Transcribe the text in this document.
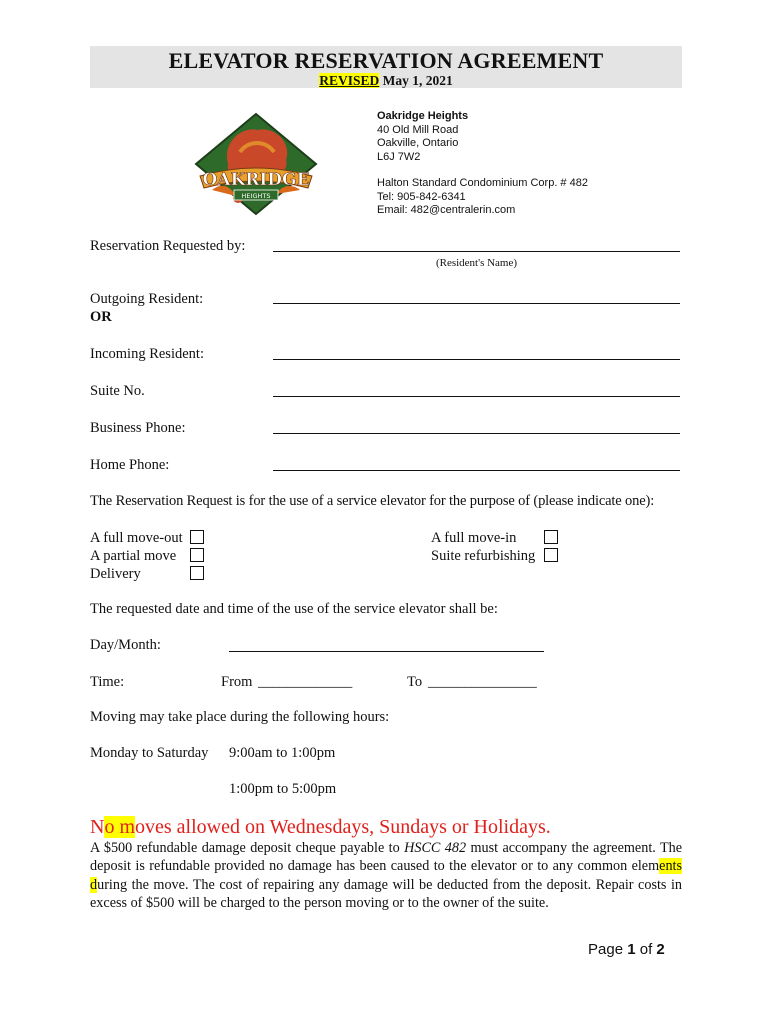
ELEVATOR RESERVATION AGREEMENT
REVISED May 1, 2021
OAKRIDGE
HEIGHTS
Oakridge Heights
40 Old Mill Road
Oakville, Ontario
L6J 7W2
Halton Standard Condominium Corp. # 482
Tel: 905-842-6341
Email: 482@centralerin.com
Reservation Requested by:
(Resident's Name)
Outgoing Resident:
OR
Incoming Resident:
Suite No.
Business Phone:
Home Phone:
The Reservation Request is for the use of a service elevator for the purpose of (please indicate one):
A full move-out
A partial move
Delivery
A full move-in
Suite refurbishing
The requested date and time of the use of the service elevator shall be:
Day/Month:
Time:	From _____________	To _______________
Moving may take place during the following hours:
Monday to Saturday 9:00am to 1:00pm
1:00pm to 5:00pm
No moves allowed on Wednesdays, Sundays or Holidays.
A $500 refundable damage deposit cheque payable to HSCC 482 must accompany the agreement. The deposit is refundable provided no damage has been caused to the elevator or to any common elements during the move. The cost of repairing any damage will be deducted from the deposit. Repair costs in excess of $500 will be charged to the person moving or to the owner of the suite.
Page 1 of 2
